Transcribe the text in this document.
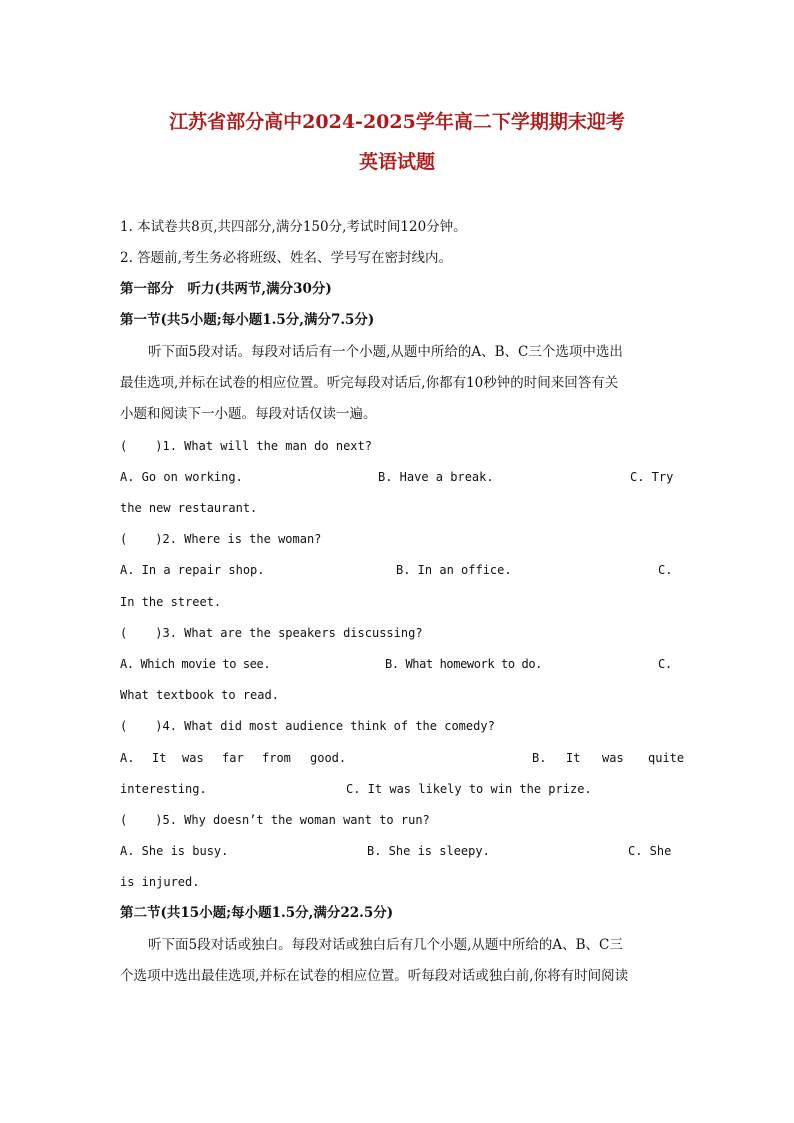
江苏省部分高中2024-2025学年高二下学期期末迎考
英语试题
1. 本试卷共8页,共四部分,满分150分,考试时间120分钟。
2. 答题前,考生务必将班级、姓名、学号写在密封线内。
第一部分　听力(共两节,满分30分)
第一节(共5小题;每小题1.5分,满分7.5分)
听下面5段对话。每段对话后有一个小题,从题中所给的A、B、C三个选项中选出
最佳选项,并标在试卷的相应位置。听完每段对话后,你都有10秒钟的时间来回答有关
小题和阅读下一小题。每段对话仅读一遍。
( )1. What will the man do next?
A. Go on working.	B. Have a break.	C. Try
the new restaurant.
( )2. Where is the woman?
A. In a repair shop.	B. In an office.	C.
In the street.
( )3. What are the speakers discussing?
A. Which movie to see.	B. What homework to do.	C.
What textbook to read.
( )4. What did most audience think of the comedy?
A. It was far from good.	B. It was quite
interesting.	C. It was likely to win the prize.
( )5. Why doesn’t the woman want to run?
A. She is busy.	B. She is sleepy.	C. She
is injured.
第二节(共15小题;每小题1.5分,满分22.5分)
听下面5段对话或独白。每段对话或独白后有几个小题,从题中所给的A、B、C三
个选项中选出最佳选项,并标在试卷的相应位置。听每段对话或独白前,你将有时间阅读
